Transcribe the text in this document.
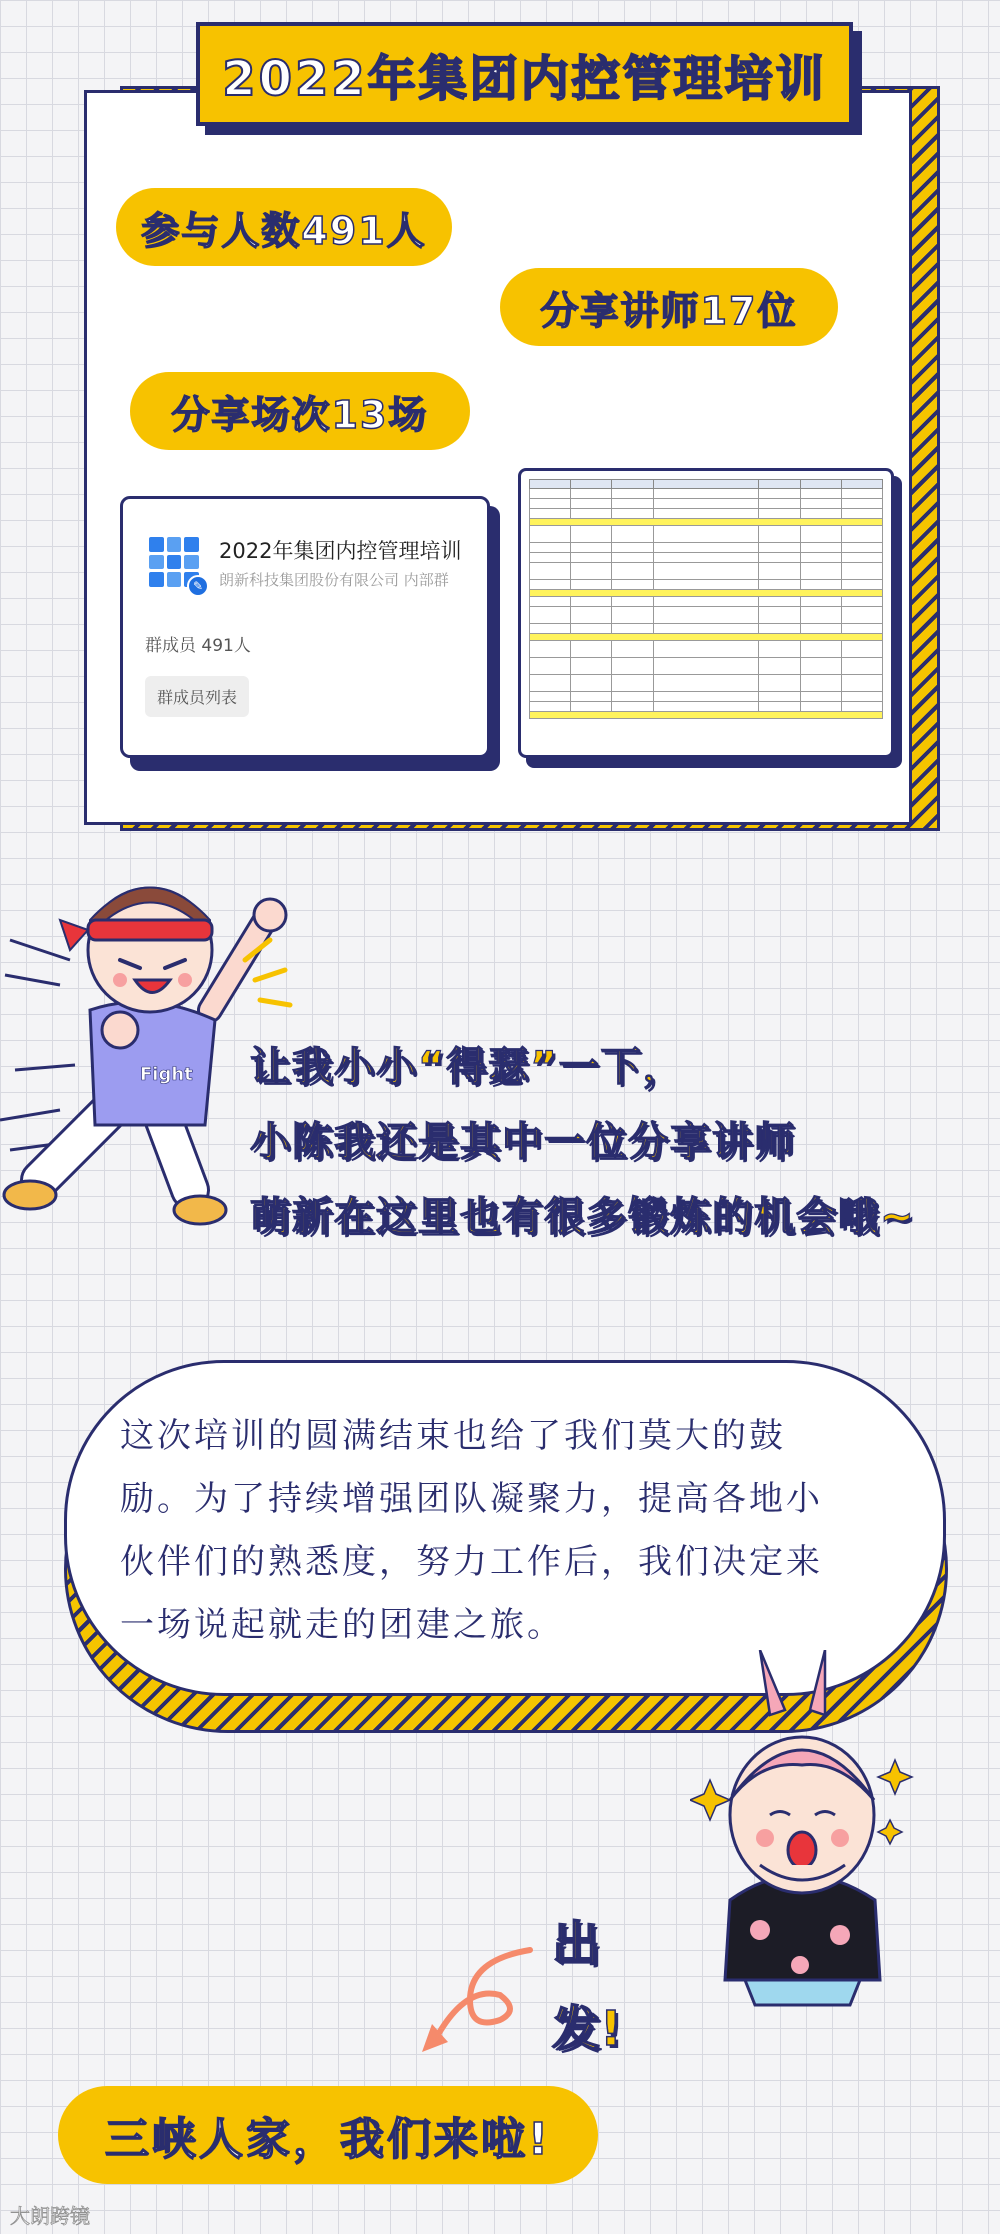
2022年集团内控管理培训
参与人数491人
分享讲师17位
分享场次13场
✎
2022年集团内控管理培训
朗新科技集团股份有限公司 内部群
群成员 491人
群成员列表

Fight 让我小小“得瑟”一下，
小陈我还是其中一位分享讲师
萌新在这里也有很多锻炼的机会哦~
这次培训的圆满结束也给了我们莫大的鼓
励。为了持续增强团队凝聚力，提高各地小
伙伴们的熟悉度，努力工作后，我们决定来
一场说起就走的团建之旅。
出
发!
三峡人家，我们来啦!
大朗跨镜
